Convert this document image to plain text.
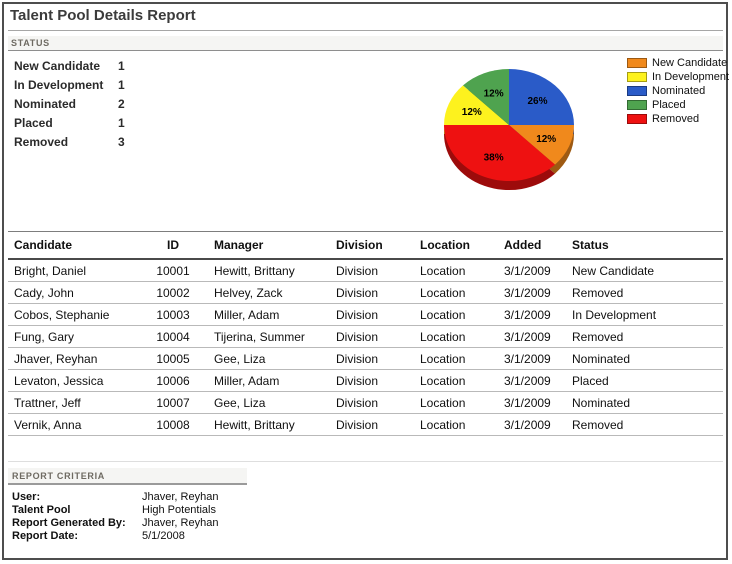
Talent Pool Details Report
STATUS
New Candidate 1
In Development 1
Nominated	2
Placed	1
Removed	3
26%
12%
38%
12%
12%
New Candidate
In Development
Nominated
Placed
Removed
Candidate	ID	Manager	Division	Location	Added	Status
Bright, Daniel	10001	Hewitt, Brittany	Division	Location	3/1/2009	New Candidate
Cady, John	10002	Helvey, Zack	Division	Location	3/1/2009	Removed
Cobos, Stephanie	10003	Miller, Adam	Division	Location	3/1/2009	In Development
Fung, Gary	10004	Tijerina, Summer	Division	Location	3/1/2009	Removed
Jhaver, Reyhan	10005	Gee, Liza	Division	Location	3/1/2009	Nominated
Levaton, Jessica	10006	Miller, Adam	Division	Location	3/1/2009	Placed
Trattner, Jeff	10007	Gee, Liza	Division	Location	3/1/2009	Nominated
Vernik, Anna	10008	Hewitt, Brittany	Division	Location	3/1/2009	Removed
REPORT CRITERIA
User:	Jhaver, Reyhan
Talent Pool	High Potentials
Report Generated By: Jhaver, Reyhan
Report Date:	5/1/2008
